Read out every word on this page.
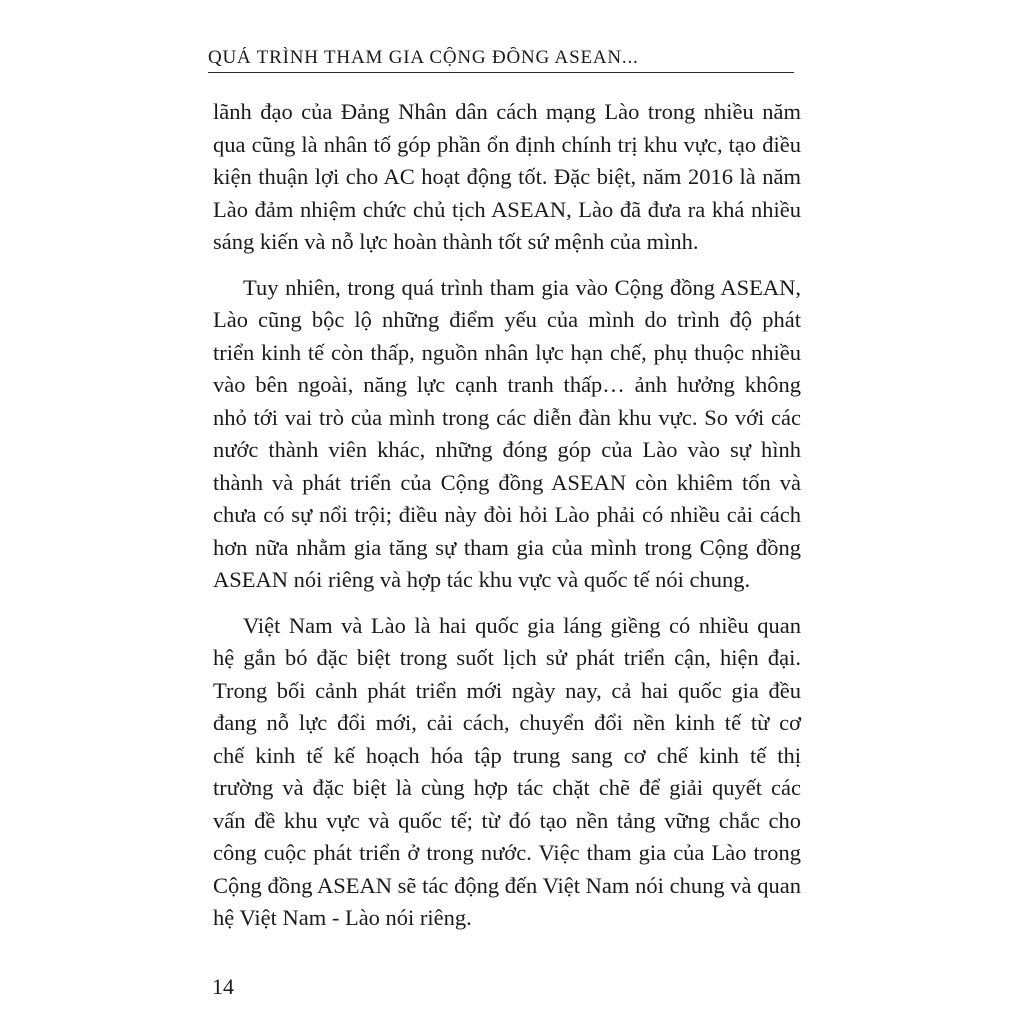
QUÁ TRÌNH THAM GIA CỘNG ĐỒNG ASEAN...
lãnh đạo của Đảng Nhân dân cách mạng Lào trong nhiều năm
qua cũng là nhân tố góp phần ổn định chính trị khu vực, tạo điều
kiện thuận lợi cho AC hoạt động tốt. Đặc biệt, năm 2016 là năm
Lào đảm nhiệm chức chủ tịch ASEAN, Lào đã đưa ra khá nhiều
sáng kiến và nỗ lực hoàn thành tốt sứ mệnh của mình.
Tuy nhiên, trong quá trình tham gia vào Cộng đồng ASEAN,
Lào cũng bộc lộ những điểm yếu của mình do trình độ phát
triển kinh tế còn thấp, nguồn nhân lực hạn chế, phụ thuộc nhiều
vào bên ngoài, năng lực cạnh tranh thấp… ảnh hưởng không
nhỏ tới vai trò của mình trong các diễn đàn khu vực. So với các
nước thành viên khác, những đóng góp của Lào vào sự hình
thành và phát triển của Cộng đồng ASEAN còn khiêm tốn và
chưa có sự nổi trội; điều này đòi hỏi Lào phải có nhiều cải cách
hơn nữa nhằm gia tăng sự tham gia của mình trong Cộng đồng
ASEAN nói riêng và hợp tác khu vực và quốc tế nói chung.
Việt Nam và Lào là hai quốc gia láng giềng có nhiều quan
hệ gắn bó đặc biệt trong suốt lịch sử phát triển cận, hiện đại.
Trong bối cảnh phát triển mới ngày nay, cả hai quốc gia đều
đang nỗ lực đổi mới, cải cách, chuyển đổi nền kinh tế từ cơ
chế kinh tế kế hoạch hóa tập trung sang cơ chế kinh tế thị
trường và đặc biệt là cùng hợp tác chặt chẽ để giải quyết các
vấn đề khu vực và quốc tế; từ đó tạo nền tảng vững chắc cho
công cuộc phát triển ở trong nước. Việc tham gia của Lào trong
Cộng đồng ASEAN sẽ tác động đến Việt Nam nói chung và quan
hệ Việt Nam - Lào nói riêng.
14
